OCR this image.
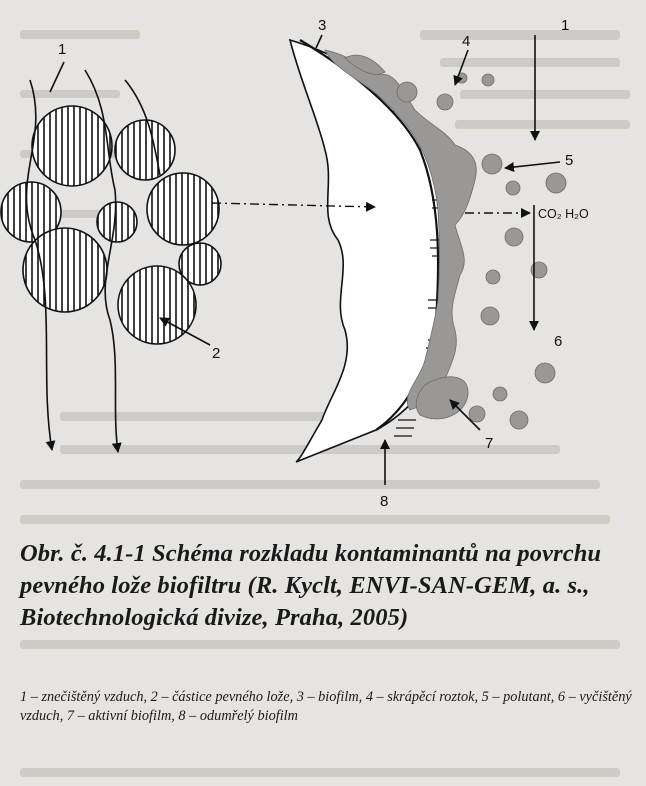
1
1
2
3
4
5
CO₂ H₂O
6
7
8
Obr. č. 4.1-1 Schéma rozkladu kontaminantů na povrchu pevného lože biofiltru (R. Kyclt, ENVI-SAN-GEM, a. s., Biotechnologická divize, Praha, 2005)
1 – znečištěný vzduch, 2 – částice pevného lože, 3 – biofilm, 4 – skrápěcí roztok, 5 – polutant, 6 – vyčištěný vzduch, 7 – aktivní biofilm, 8 – odumřelý biofilm
